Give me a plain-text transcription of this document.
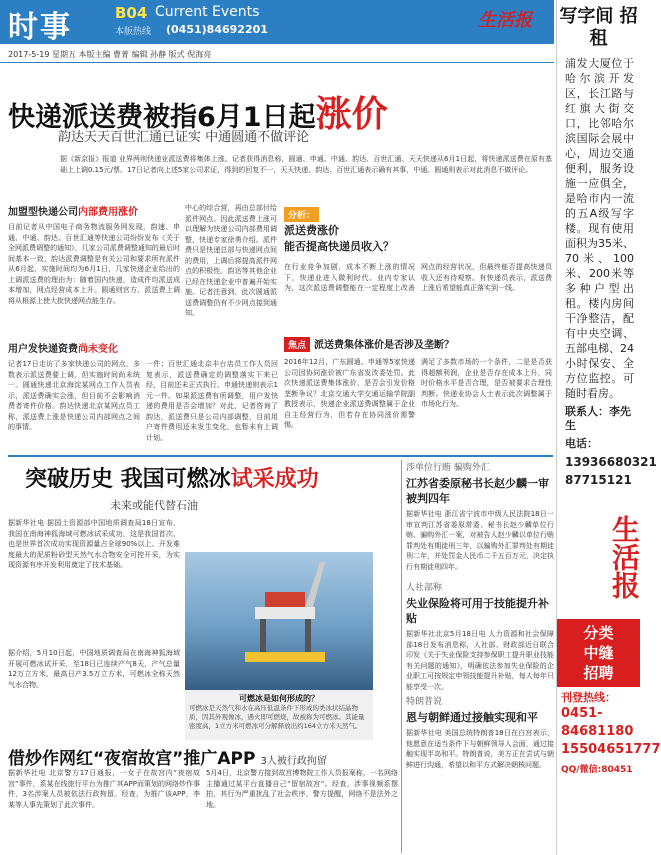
时事	B04 Current Events
本版热线 (0451)84692201	生活报
2017-5-19 星期五 本版主编 曹菁 编辑 孙静 版式 倪海亮
快递派送费被指6月1日起涨价
韵达天天百世汇通已证实 中通圆通不做评论
据《新京报》报道 业界两则快递业派送费将集体上涨。记者获得消息称，圆通、申通、中通、韵达、百世汇通、天天快递从6月1日起，将快递派送费在原有基础上上调0.15元/票。17日记者向上述5家公司求证，得到的回复不一，天天快递、韵达、百世汇通表示确有其事，中通、圆通则表示对此消息不做评论。
加盟型快递公司内部费用涨价
目前记者从中国电子商务物流服务网发现，韵速、申通、中通、韵达、百世汇通等快递公司纷纷发布《关于全网派费调整的通知》，几家公司派费调整通知的最后时间基本一致，韵达派费调整是有关公司和要求所有派件从6月起，实施时间均为6月1日，几家快递企业给出的上调派送费的理由为：随着国内快递，造成件均派送成本增加，网点经营成本上升。圆通则官方，派送费上调将从根源上使大批快递网点能生存。
中心的综合营，再由总部付给派件网点。因此派送费上涨可以理解为快递公司内部费用调整，快递专家徐勇介绍。派件费只是快递总部与快递网点间的费用，上调后将提高派件网点的积极性。韵达等其他企业已经在快递企业中普遍开始实施。记者注意到，此次圆通派送费调整仍有不少网点接到通知。
用户发快递资费尚未变化
记者17日走访了多家快递公司的网点，多数表示派送费要上调，但实施时间尚未统一。圆通快递北京海淀某网点工作人员表示，派送费确实会涨，但目前不会影响消费者寄件价格。韵达快递北京某网点员工称，派送费上涨是快递公司内部网点之间的事情。
一件；百世汇通北京丰台店员工作人员回复表示，派送费确定的调整落实下来已经，目前还未正式执行。申通快递则表示1元一件。如果派送费有所调整，用户发快递的费用是否会增加？对此，记者咨询了韵达，派送费只是公司内部调整，目前用户寄件费用还未发生变化，也暂未有上调计划。
分析：
派送费涨价
能否提高快递员收入？
在行业竞争加剧，成本不断上涨的情况下，快递业进入微利时代。业内专家认为，这次派送费调整能在一定程度上改善网点的经营状况，但最终能否提高快递员收入还有待观察。有快递员表示，派送费上涨后希望能真正落实到一线。
焦点 派送费集体涨价是否涉及垄断？
2016年12月，广东圆通、申通等5家快递公司因协同涨价被广东省发改委处罚。此次快递派送费集体涨价，是否会引发价格垄断争议？北京交通大学交通运输学院副教授表示，快递企业派送费调整属于企业自主经营行为，但若存在协同涨价需警惕。
满足了多数市场的一个条件，二是是否获得超额利润，企业是否存在成本上升，同时价格水平是否合理，是否被要求合理性判断。快递业协会人士表示此次调整属于市场化行为。
突破历史 我国可燃冰试采成功
未来或能代替石油
据新华社电 据国土资源部中国地质调查局18日宣布，我国在南海神狐海域可燃冰试采成功，这是我国首次、也是世界首次成功实现资源量占全球90%以上、开发难度最大的泥质粉砂型天然气水合物安全可控开采，为实现资源有序开发利用奠定了技术基础。
据介绍，5月10日起，中国地质调查局在南海神狐海域开展可燃冰试开采，至18日已连续产气8天，产气总量12万立方米，最高日产3.5万立方米，可燃冰全称天然气水合物。
可燃冰是如何形成的？
可燃冰是天然气和水在高压低温条件下形成的类冰状结晶物质，因其外观像冰，遇火即可燃烧，故被称为可燃冰。其能量密度高，1立方米可燃冰可分解释放出约164立方米天然气。
借炒作网红“夜宿故宫”推广APP 3人被行政拘留
据新华社电 北京警方17日通报，一女子在故宫内“夜宿故宫”事件，系某在线旅行平台为推广其APP而策划的网络炒作事件，3名涉案人员被依法行政拘留。经查，为推广该APP，李某等人事先策划了此次事件。
5月4日，北京警方接到故宫博物院工作人员报案称，一名网络主播通过某平台直播自己“留宿故宫”。经查，涉事视频系摆拍，其行为严重扰乱了社会秩序。警方提醒，网络不是法外之地。
涉单位行贿 骗购外汇
江苏省委原秘书长赵少麟一审被判四年
据新华社电 浙江省宁波市中级人民法院18日一审宣判江苏省委原常委、秘书长赵少麟单位行贿、骗购外汇一案，对被告人赵少麟以单位行贿罪判处有期徒刑三年，以骗购外汇罪判处有期徒刑二年，并处罚金人民币二千五百万元，决定执行有期徒刑四年。
人社部称
失业保险将可用于技能提升补贴
据新华社北京5月18日电 人力资源和社会保障部18日发布消息称，人社部、财政部近日联合印发《关于失业保险支持参保职工提升职业技能有关问题的通知》，明确依法参加失业保险的企业职工可按规定申领技能提升补贴，每人每年只能享受一次。
特朗普说
恩与朝鲜通过接触实现和平
据新华社电 美国总统特朗普18日在白宫表示，他愿意在适当条件下与朝鲜领导人会面，通过接触实现半岛和平。特朗普说，美方正在尝试与朝鲜进行沟通，希望以和平方式解决朝核问题。
写字间 招租
浦发大厦位于哈尔滨开发区，长江路与红旗大街交口，比邻哈尔滨国际会展中心，周边交通便利，服务设施一应俱全，是哈市内一流的五A级写字楼。现有使用面积为35米、70米、100米、200米等多种户型出租。楼内房间干净整洁，配有中央空调、五部电梯、24小时保安、全方位监控。可随时看房。
联系人：李先生
电话：
13936680321
87715121
生活报
分类
中缝
招聘
刊登热线：
0451-84681180
15504651777
QQ/微信:80451
